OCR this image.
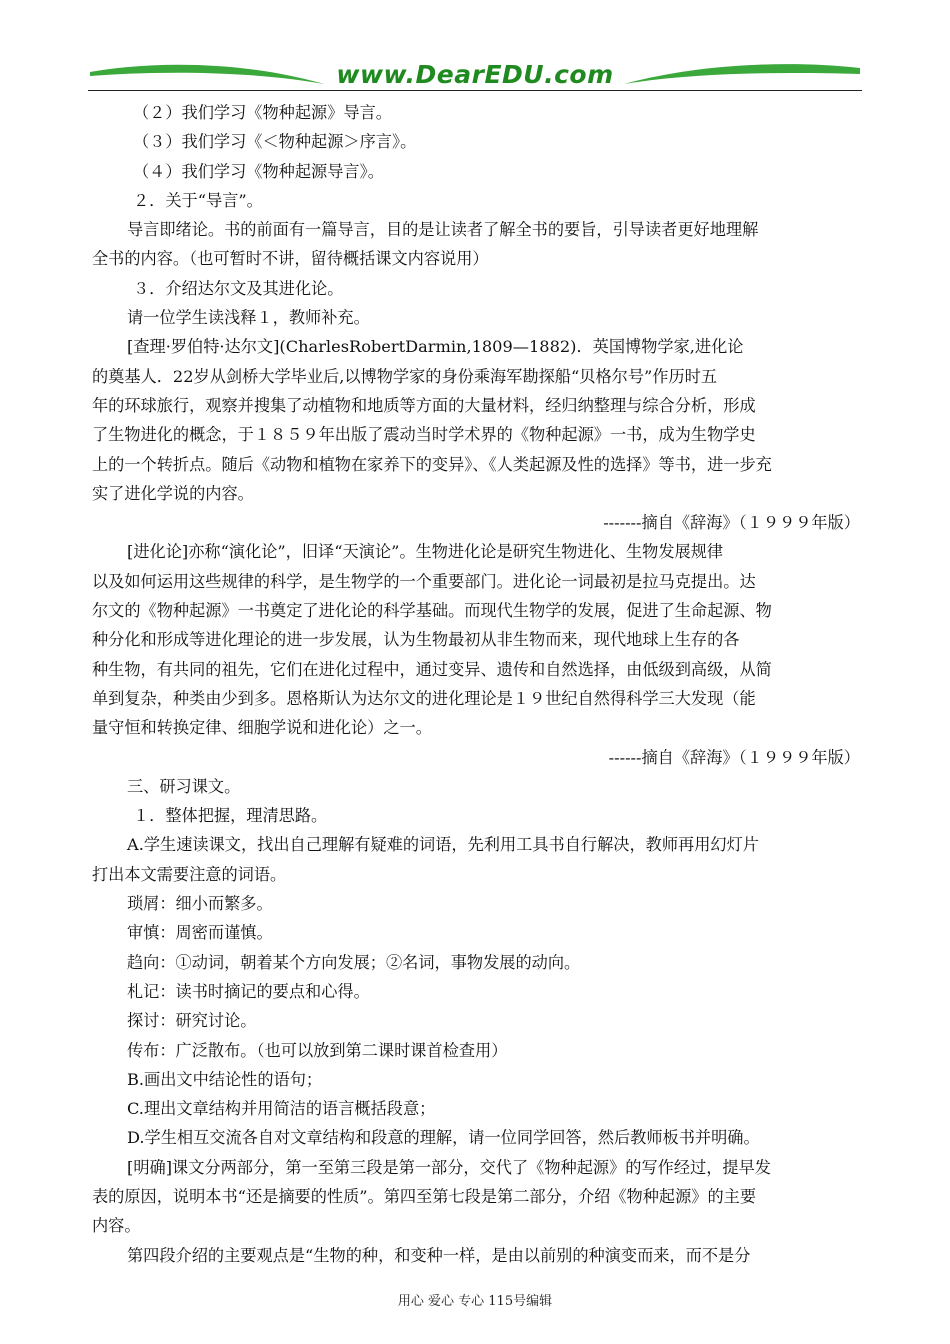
www.DearEDU.com
（２）我们学习《物种起源》导言。
（３）我们学习《＜物种起源＞序言》。
（４）我们学习《物种起源导言》。
２．关于“导言”。
导言即绪论。书的前面有一篇导言，目的是让读者了解全书的要旨，引导读者更好地理解
全书的内容。（也可暂时不讲，留待概括课文内容说用）
３．介绍达尔文及其进化论。
请一位学生读浅释１，教师补充。
[查理·罗伯特·达尔文](CharlesRobertDarmin,1809—1882)．英国博物学家,进化论
的奠基人．22岁从剑桥大学毕业后,以博物学家的身份乘海军勘探船“贝格尔号”作历时五
年的环球旅行，观察并搜集了动植物和地质等方面的大量材料，经归纳整理与综合分析，形成
了生物进化的概念，于１８５９年出版了震动当时学术界的《物种起源》一书，成为生物学史
上的一个转折点。随后《动物和植物在家养下的变异》、《人类起源及性的选择》等书，进一步充
实了进化学说的内容。
-------摘自《辞海》（１９９９年版）
[进化论]亦称“演化论”，旧译“天演论”。生物进化论是研究生物进化、生物发展规律
以及如何运用这些规律的科学，是生物学的一个重要部门。进化论一词最初是拉马克提出。达
尔文的《物种起源》一书奠定了进化论的科学基础。而现代生物学的发展，促进了生命起源、物
种分化和形成等进化理论的进一步发展，认为生物最初从非生物而来，现代地球上生存的各
种生物，有共同的祖先，它们在进化过程中，通过变异、遗传和自然选择，由低级到高级，从简
单到复杂，种类由少到多。恩格斯认为达尔文的进化理论是１９世纪自然得科学三大发现（能
量守恒和转换定律、细胞学说和进化论）之一。
------摘自《辞海》（１９９９年版）
三、研习课文。
１．整体把握，理清思路。
A.学生速读课文，找出自己理解有疑难的词语，先利用工具书自行解决，教师再用幻灯片
打出本文需要注意的词语。
琐屑：细小而繁多。
审慎：周密而谨慎。
趋向：①动词，朝着某个方向发展；②名词，事物发展的动向。
札记：读书时摘记的要点和心得。
探讨：研究讨论。
传布：广泛散布。（也可以放到第二课时课首检查用）
B.画出文中结论性的语句；
C.理出文章结构并用简洁的语言概括段意；
D.学生相互交流各自对文章结构和段意的理解，请一位同学回答，然后教师板书并明确。
[明确]课文分两部分，第一至第三段是第一部分，交代了《物种起源》的写作经过，提早发
表的原因，说明本书“还是摘要的性质”。第四至第七段是第二部分，介绍《物种起源》的主要
内容。
第四段介绍的主要观点是“生物的种，和变种一样，是由以前别的种演变而来，而不是分
用心 爱心 专心 115号编辑
